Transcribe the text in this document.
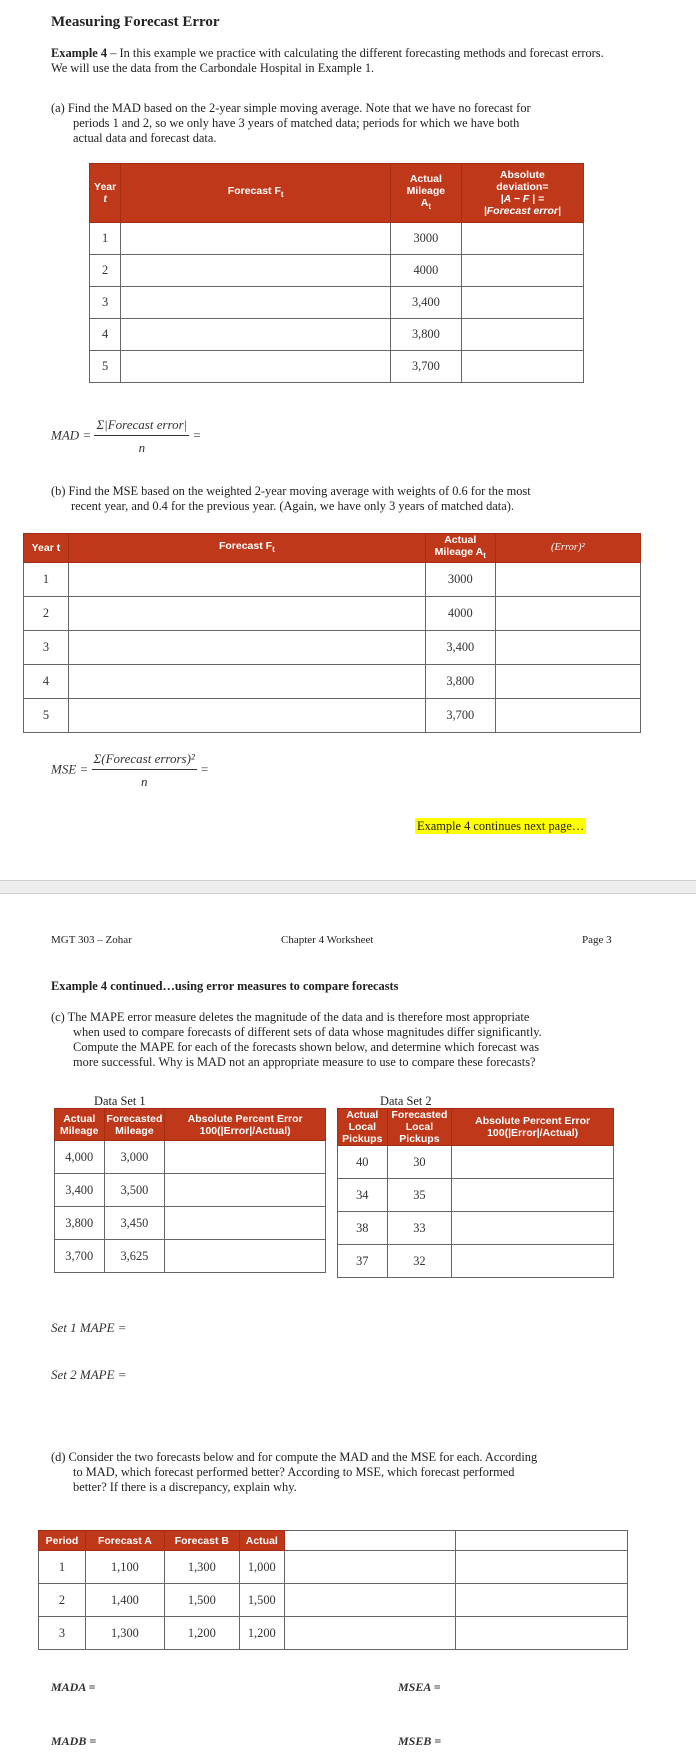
Measuring Forecast Error
Example 4 – In this example we practice with calculating the different forecasting methods and forecast errors. We will use the data from the Carbondale Hospital in Example 1.
(a) Find the MAD based on the 2-year simple moving average. Note that we have no forecast for
periods 1 and 2, so we only have 3 years of matched data; periods for which we have both
actual data and forecast data.
Year
t	Forecast $F_t$	Actual
Mileage
$A_t$	Absolute
deviation=
|A − F | =
|Forecast error|
1		3000	
2		4000	
3		3,400	
4		3,800	
5		3,700	
MAD = $\frac{\text{Σ|Forecast error|}}{n}$ =
(b) Find the MSE based on the weighted 2-year moving average with weights of 0.6 for the most
recent year, and 0.4 for the previous year. (Again, we have only 3 years of matched data).
Year t	Forecast $F_t$	Actual
Mileage $A_t$	(Error)²
1		3000	
2		4000	
3		3,400	
4		3,800	
5		3,700	
MSE = $\frac{\text{Σ(Forecast errors)²}}{n}$ =
Example 4 continues next page…
MGT 303 – Zohar	Chapter 4 Worksheet	Page 3
Example 4 continued…using error measures to compare forecasts
(c) The MAPE error measure deletes the magnitude of the data and is therefore most appropriate
when used to compare forecasts of different sets of data whose magnitudes differ significantly.
Compute the MAPE for each of the forecasts shown below, and determine which forecast was
more successful. Why is MAD not an appropriate measure to use to compare these forecasts?
Data Set 1
Actual
Mileage	Forecasted
Mileage	Absolute Percent Error
100(|Error|/Actual)
4,000	3,000	
3,400	3,500	
3,800	3,450	
3,700	3,625	
Data Set 2
Actual
Local
Pickups	Forecasted
Local
Pickups	Absolute Percent Error
100(|Error|/Actual)
40	30	
34	35	
38	33	
37	32	
Set 1 MAPE =
Set 2 MAPE =
(d) Consider the two forecasts below and for compute the MAD and the MSE for each. According
to MAD, which forecast performed better? According to MSE, which forecast performed
better? If there is a discrepancy, explain why.
Period	Forecast A	Forecast B	Actual		
1	1,100	1,300	1,000		
2	1,400	1,500	1,500		
3	1,300	1,200	1,200		
MADA =	MSEA =
MADB =	MSEB =
